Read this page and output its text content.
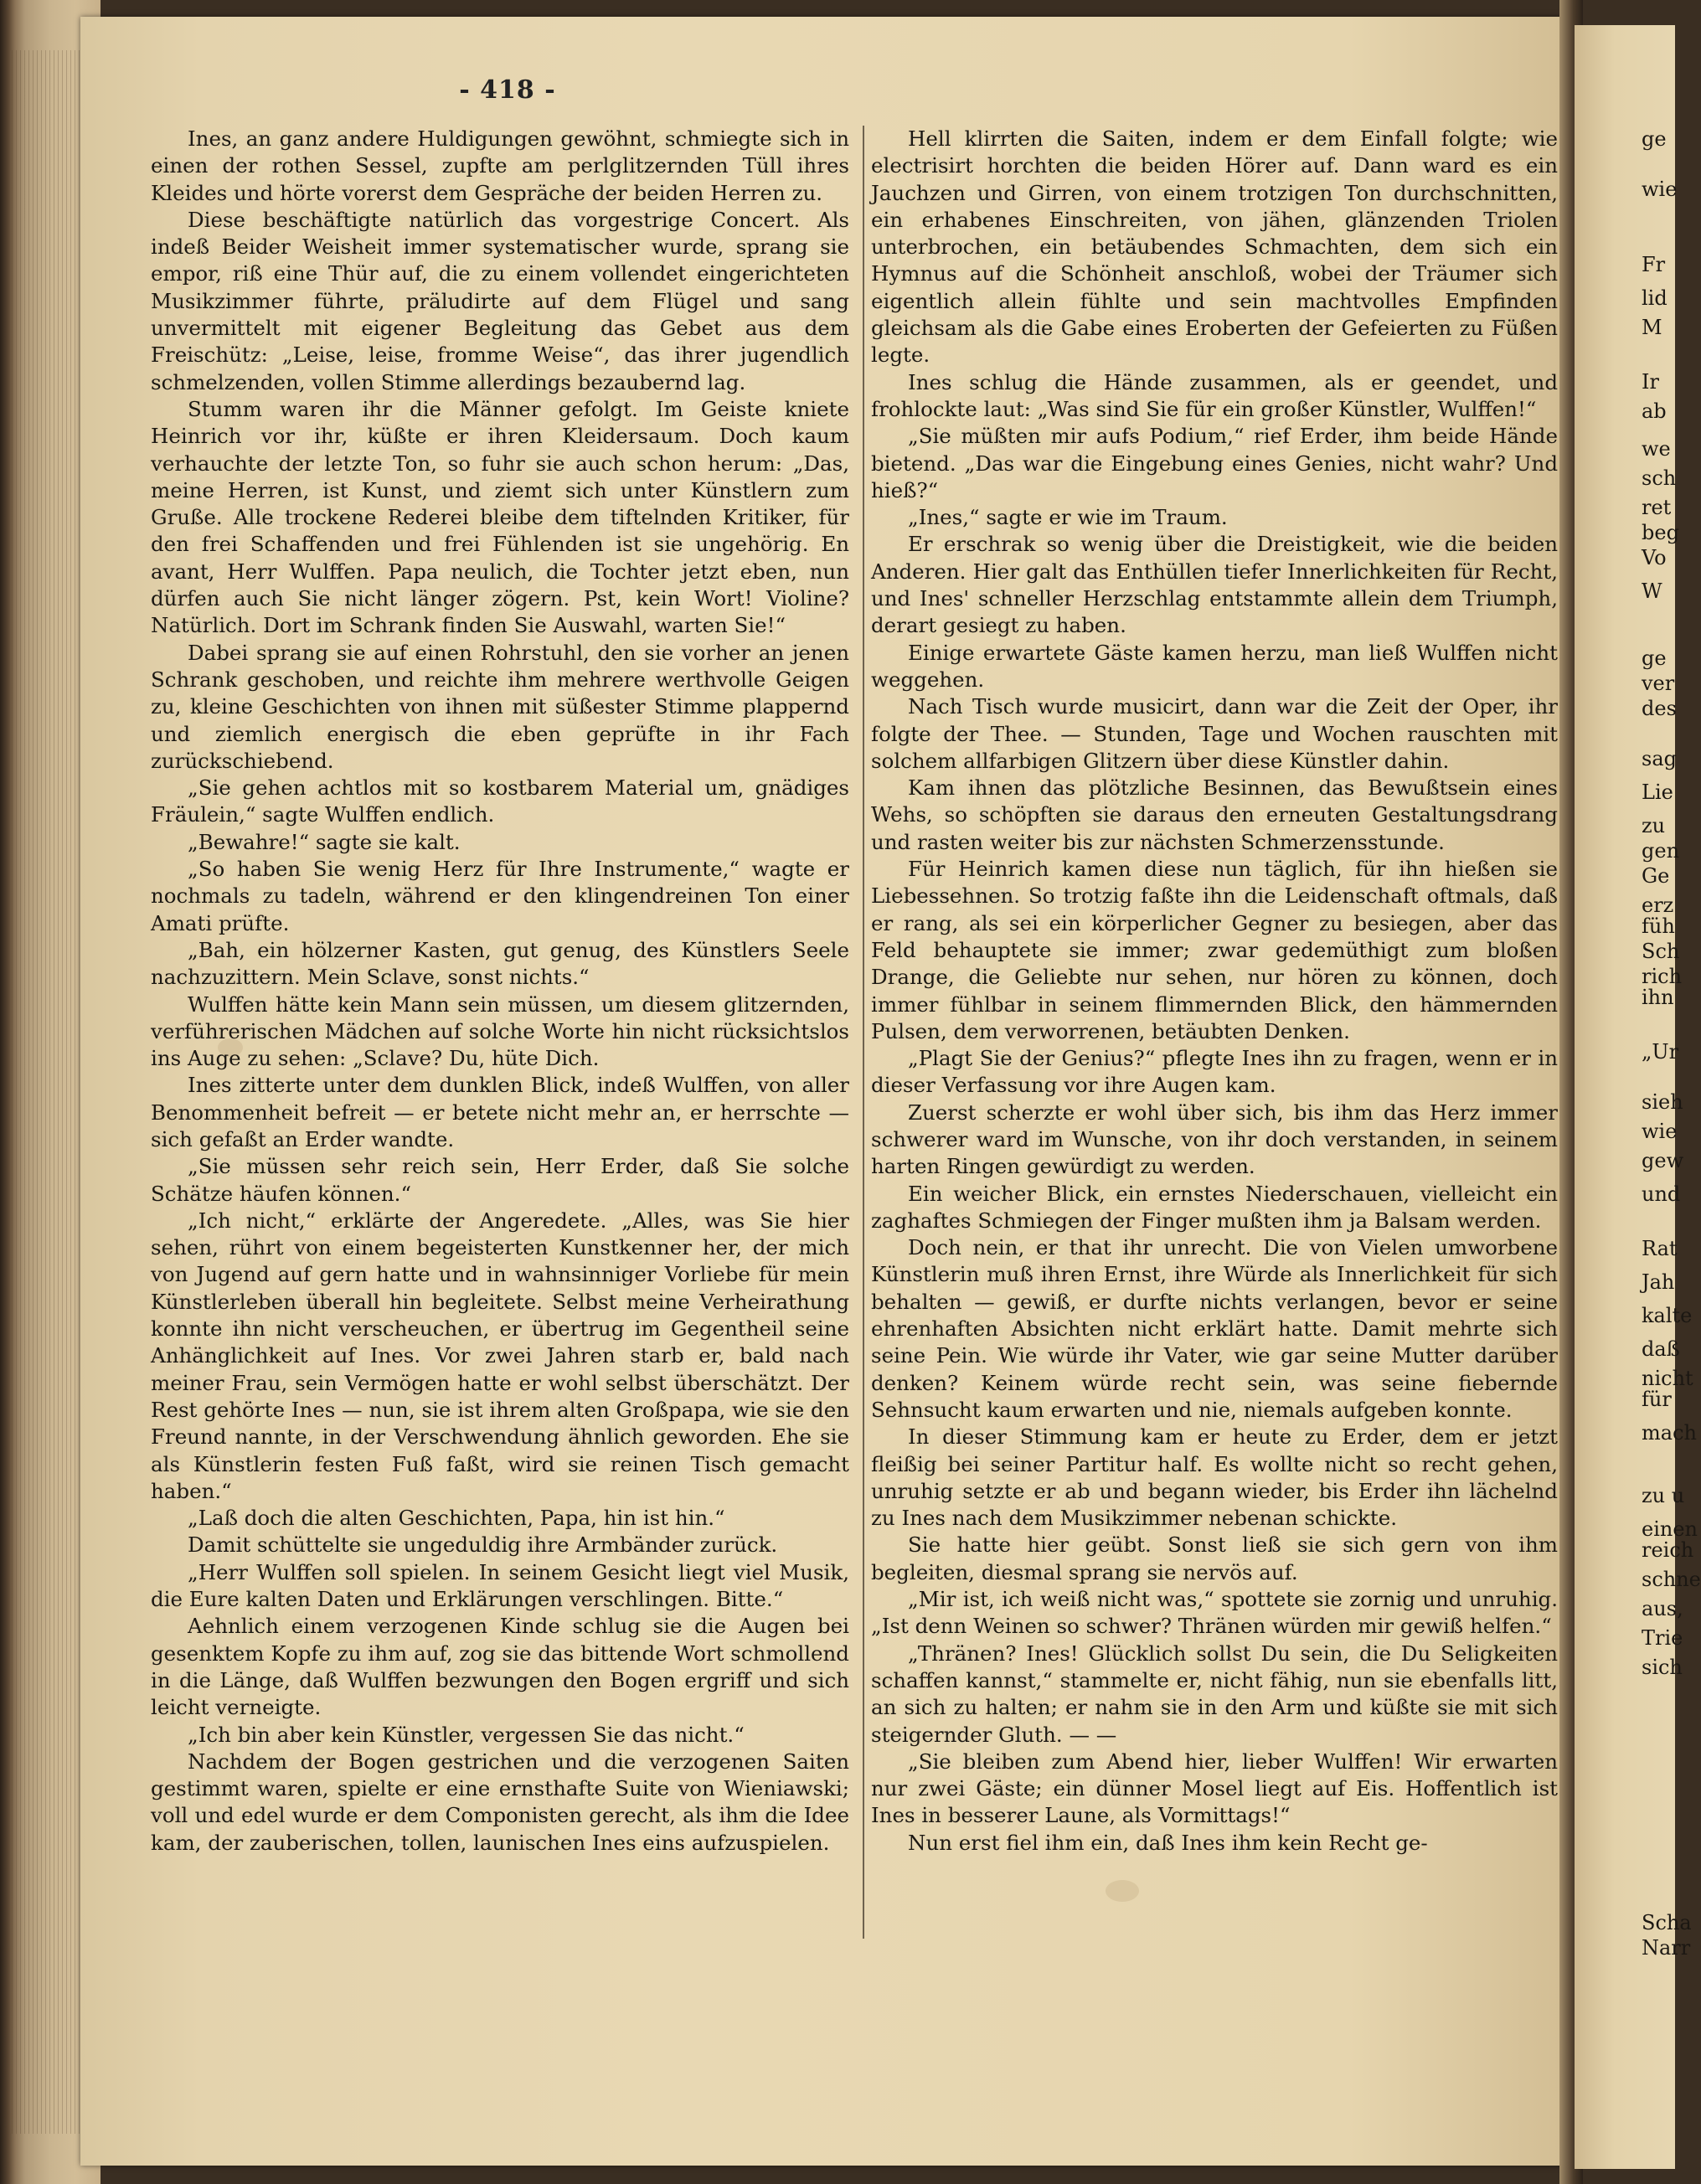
- 418 -

Ines, an ganz andere Huldigungen gewöhnt, schmiegte sich in einen der rothen Sessel, zupfte am perlglitzernden Tüll ihres Kleides und hörte vorerst dem Gespräche der beiden Herren zu.

Diese beschäftigte natürlich das vorgestrige Concert. Als indeß Beider Weisheit immer systematischer wurde, sprang sie empor, riß eine Thür auf, die zu einem vollendet eingerichteten Musikzimmer führte, präludirte auf dem Flügel und sang unvermittelt mit eigener Begleitung das Gebet aus dem Freischütz: „Leise, leise, fromme Weise“, das ihrer jugendlich schmelzenden, vollen Stimme allerdings bezaubernd lag.

Stumm waren ihr die Männer gefolgt. Im Geiste kniete Heinrich vor ihr, küßte er ihren Kleidersaum. Doch kaum verhauchte der letzte Ton, so fuhr sie auch schon herum: „Das, meine Herren, ist Kunst, und ziemt sich unter Künstlern zum Gruße. Alle trockene Rederei bleibe dem tiftelnden Kritiker, für den frei Schaffenden und frei Fühlenden ist sie ungehörig. En avant, Herr Wulffen. Papa neulich, die Tochter jetzt eben, nun dürfen auch Sie nicht länger zögern. Pst, kein Wort! Violine? Natürlich. Dort im Schrank finden Sie Auswahl, warten Sie!“

Dabei sprang sie auf einen Rohrstuhl, den sie vorher an jenen Schrank geschoben, und reichte ihm mehrere werthvolle Geigen zu, kleine Geschichten von ihnen mit süßester Stimme plappernd und ziemlich energisch die eben geprüfte in ihr Fach zurückschiebend.

„Sie gehen achtlos mit so kostbarem Material um, gnädiges Fräulein,“ sagte Wulffen endlich.

„Bewahre!“ sagte sie kalt.

„So haben Sie wenig Herz für Ihre Instrumente,“ wagte er nochmals zu tadeln, während er den klingendreinen Ton einer Amati prüfte.

„Bah, ein hölzerner Kasten, gut genug, des Künstlers Seele nachzuzittern. Mein Sclave, sonst nichts.“

Wulffen hätte kein Mann sein müssen, um diesem glitzernden, verführerischen Mädchen auf solche Worte hin nicht rücksichtslos ins Auge zu sehen: „Sclave? Du, hüte Dich.

Ines zitterte unter dem dunklen Blick, indeß Wulffen, von aller Benommenheit befreit — er betete nicht mehr an, er herrschte — sich gefaßt an Erder wandte.

„Sie müssen sehr reich sein, Herr Erder, daß Sie solche Schätze häufen können.“

„Ich nicht,“ erklärte der Angeredete. „Alles, was Sie hier sehen, rührt von einem begeisterten Kunstkenner her, der mich von Jugend auf gern hatte und in wahnsinniger Vorliebe für mein Künstlerleben überall hin begleitete. Selbst meine Verheirathung konnte ihn nicht verscheuchen, er übertrug im Gegentheil seine Anhänglichkeit auf Ines. Vor zwei Jahren starb er, bald nach meiner Frau, sein Vermögen hatte er wohl selbst überschätzt. Der Rest gehörte Ines — nun, sie ist ihrem alten Großpapa, wie sie den Freund nannte, in der Verschwendung ähnlich geworden. Ehe sie als Künstlerin festen Fuß faßt, wird sie reinen Tisch gemacht haben.“

„Laß doch die alten Geschichten, Papa, hin ist hin.“

Damit schüttelte sie ungeduldig ihre Armbänder zurück.

„Herr Wulffen soll spielen. In seinem Gesicht liegt viel Musik, die Eure kalten Daten und Erklärungen verschlingen. Bitte.“

Aehnlich einem verzogenen Kinde schlug sie die Augen bei gesenktem Kopfe zu ihm auf, zog sie das bittende Wort schmollend in die Länge, daß Wulffen bezwungen den Bogen ergriff und sich leicht verneigte.

„Ich bin aber kein Künstler, vergessen Sie das nicht.“

Nachdem der Bogen gestrichen und die verzogenen Saiten gestimmt waren, spielte er eine ernsthafte Suite von Wieniawski; voll und edel wurde er dem Componisten gerecht, als ihm die Idee kam, der zauberischen, tollen, launischen Ines eins aufzuspielen.

Hell klirrten die Saiten, indem er dem Einfall folgte; wie electrisirt horchten die beiden Hörer auf. Dann ward es ein Jauchzen und Girren, von einem trotzigen Ton durchschnitten, ein erhabenes Einschreiten, von jähen, glänzenden Triolen unterbrochen, ein betäubendes Schmachten, dem sich ein Hymnus auf die Schönheit anschloß, wobei der Träumer sich eigentlich allein fühlte und sein machtvolles Empfinden gleichsam als die Gabe eines Eroberten der Gefeierten zu Füßen legte.

Ines schlug die Hände zusammen, als er geendet, und frohlockte laut: „Was sind Sie für ein großer Künstler, Wulffen!“

„Sie müßten mir aufs Podium,“ rief Erder, ihm beide Hände bietend. „Das war die Eingebung eines Genies, nicht wahr? Und hieß?“

„Ines,“ sagte er wie im Traum.

Er erschrak so wenig über die Dreistigkeit, wie die beiden Anderen. Hier galt das Enthüllen tiefer Innerlichkeiten für Recht, und Ines' schneller Herzschlag entstammte allein dem Triumph, derart gesiegt zu haben.

Einige erwartete Gäste kamen herzu, man ließ Wulffen nicht weggehen.

Nach Tisch wurde musicirt, dann war die Zeit der Oper, ihr folgte der Thee. — Stunden, Tage und Wochen rauschten mit solchem allfarbigen Glitzern über diese Künstler dahin.

Kam ihnen das plötzliche Besinnen, das Bewußtsein eines Wehs, so schöpften sie daraus den erneuten Gestaltungsdrang und rasten weiter bis zur nächsten Schmerzensstunde.

Für Heinrich kamen diese nun täglich, für ihn hießen sie Liebessehnen. So trotzig faßte ihn die Leidenschaft oftmals, daß er rang, als sei ein körperlicher Gegner zu besiegen, aber das Feld behauptete sie immer; zwar gedemüthigt zum bloßen Drange, die Geliebte nur sehen, nur hören zu können, doch immer fühlbar in seinem flimmernden Blick, den hämmernden Pulsen, dem verworrenen, betäubten Denken.

„Plagt Sie der Genius?“ pflegte Ines ihn zu fragen, wenn er in dieser Verfassung vor ihre Augen kam.

Zuerst scherzte er wohl über sich, bis ihm das Herz immer schwerer ward im Wunsche, von ihr doch verstanden, in seinem harten Ringen gewürdigt zu werden.

Ein weicher Blick, ein ernstes Niederschauen, vielleicht ein zaghaftes Schmiegen der Finger mußten ihm ja Balsam werden.

Doch nein, er that ihr unrecht. Die von Vielen umworbene Künstlerin muß ihren Ernst, ihre Würde als Innerlichkeit für sich behalten — gewiß, er durfte nichts verlangen, bevor er seine ehrenhaften Absichten nicht erklärt hatte. Damit mehrte sich seine Pein. Wie würde ihr Vater, wie gar seine Mutter darüber denken? Keinem würde recht sein, was seine fiebernde Sehnsucht kaum erwarten und nie, niemals aufgeben konnte.

In dieser Stimmung kam er heute zu Erder, dem er jetzt fleißig bei seiner Partitur half. Es wollte nicht so recht gehen, unruhig setzte er ab und begann wieder, bis Erder ihn lächelnd zu Ines nach dem Musikzimmer nebenan schickte.

Sie hatte hier geübt. Sonst ließ sie sich gern von ihm begleiten, diesmal sprang sie nervös auf.

„Mir ist, ich weiß nicht was,“ spottete sie zornig und unruhig. „Ist denn Weinen so schwer? Thränen würden mir gewiß helfen.“

„Thränen? Ines! Glücklich sollst Du sein, die Du Seligkeiten schaffen kannst,“ stammelte er, nicht fähig, nun sie ebenfalls litt, an sich zu halten; er nahm sie in den Arm und küßte sie mit sich steigernder Gluth. — —

„Sie bleiben zum Abend hier, lieber Wulffen! Wir erwarten nur zwei Gäste; ein dünner Mosel liegt auf Eis. Hoffentlich ist Ines in besserer Laune, als Vormittags!“

Nun erst fiel ihm ein, daß Ines ihm kein Recht ge-

ge
wie
Fr
lid
M
Ir
ab
we
sch
ret
beg
Vo
W
ge
ver
des
sag
Lie
zu
gen
Ge
erz
füh
Sch
rich
ihn
„Ur
sieh
wie
gew
und
Rat
Jah
kalte
daß
nicht
für
mach
zu u
einen
reich
schne
aus,
Trie
sich
Scha
Narr
